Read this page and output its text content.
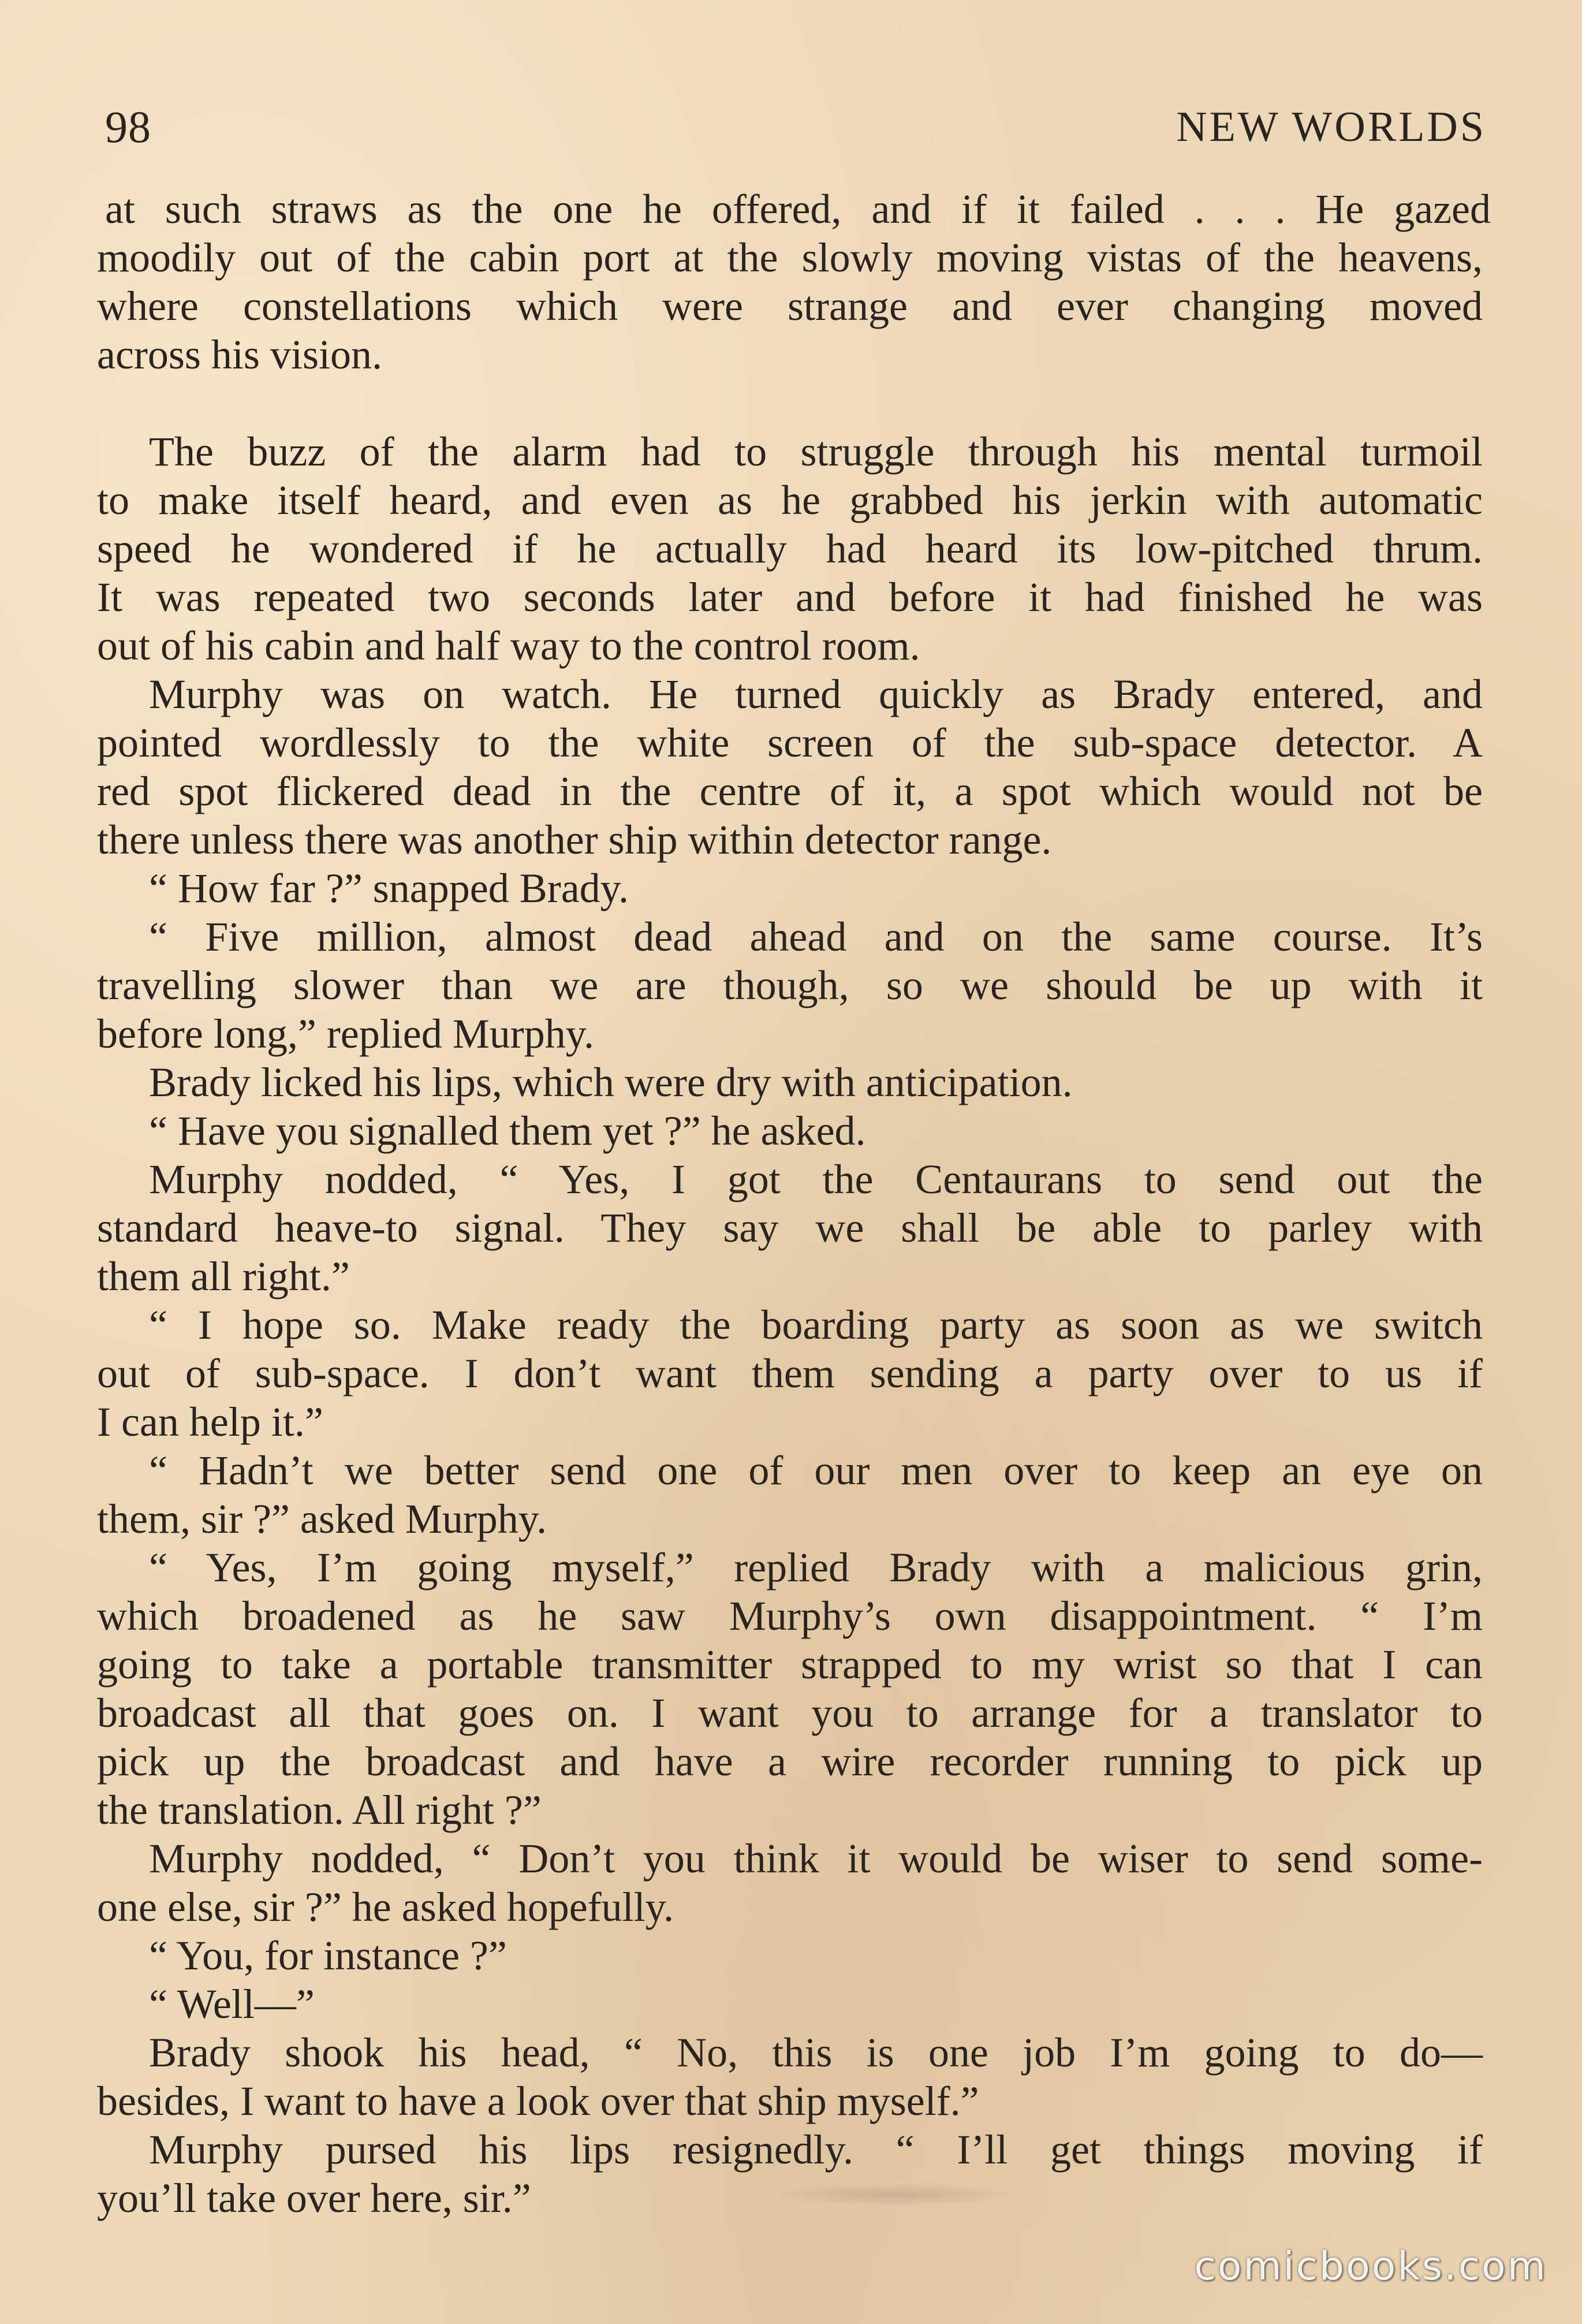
98	NEW WORLDS
at such straws as the one he offered, and if it failed . . . He gazed
moodily out of the cabin port at the slowly moving vistas of the heavens,
where constellations which were strange and ever changing moved
across his vision.
The buzz of the alarm had to struggle through his mental turmoil
to make itself heard, and even as he grabbed his jerkin with automatic
speed he wondered if he actually had heard its low-pitched thrum.
It was repeated two seconds later and before it had finished he was
out of his cabin and half way to the control room.
Murphy was on watch. He turned quickly as Brady entered, and
pointed wordlessly to the white screen of the sub-space detector. A
red spot flickered dead in the centre of it, a spot which would not be
there unless there was another ship within detector range.
“ How far ?” snapped Brady.
“ Five million, almost dead ahead and on the same course. It’s
travelling slower than we are though, so we should be up with it
before long,” replied Murphy.
Brady licked his lips, which were dry with anticipation.
“ Have you signalled them yet ?” he asked.
Murphy nodded, “ Yes, I got the Centaurans to send out the
standard heave-to signal. They say we shall be able to parley with
them all right.”
“ I hope so. Make ready the boarding party as soon as we switch
out of sub-space. I don’t want them sending a party over to us if
I can help it.”
“ Hadn’t we better send one of our men over to keep an eye on
them, sir ?” asked Murphy.
“ Yes, I’m going myself,” replied Brady with a malicious grin,
which broadened as he saw Murphy’s own disappointment. “ I’m
going to take a portable transmitter strapped to my wrist so that I can
broadcast all that goes on. I want you to arrange for a translator to
pick up the broadcast and have a wire recorder running to pick up
the translation. All right ?”
Murphy nodded, “ Don’t you think it would be wiser to send some-
one else, sir ?” he asked hopefully.
“ You, for instance ?”
“ Well—”
Brady shook his head, “ No, this is one job I’m going to do—
besides, I want to have a look over that ship myself.”
Murphy pursed his lips resignedly. “ I’ll get things moving if
you’ll take over here, sir.”
comicbooks.com
